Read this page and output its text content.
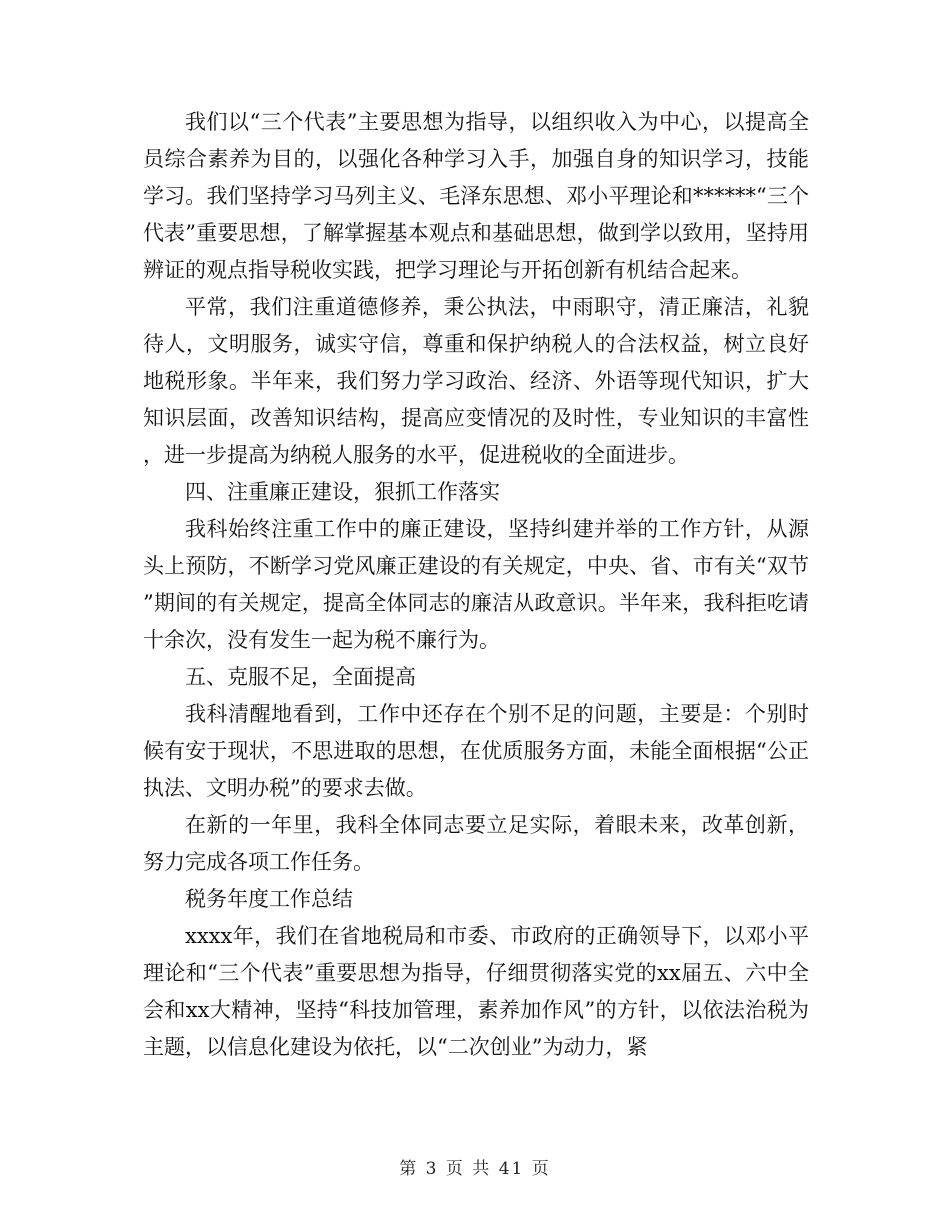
我们以“三个代表”主要思想为指导，以组织收入为中心，以提高全员综合素养为目的，以强化各种学习入手，加强自身的知识学习，技能学习。我们坚持学习马列主义、毛泽东思想、邓小平理论和******“三个代表”重要思想，了解掌握基本观点和基础思想，做到学以致用，坚持用辨证的观点指导税收实践，把学习理论与开拓创新有机结合起来。

平常，我们注重道德修养，秉公执法，中雨职守，清正廉洁，礼貌待人，文明服务，诚实守信，尊重和保护纳税人的合法权益，树立良好地税形象。半年来，我们努力学习政治、经济、外语等现代知识，扩大知识层面，改善知识结构，提高应变情况的及时性，专业知识的丰富性，进一步提高为纳税人服务的水平，促进税收的全面进步。

四、注重廉正建设，狠抓工作落实

我科始终注重工作中的廉正建设，坚持纠建并举的工作方针，从源头上预防，不断学习党风廉正建设的有关规定，中央、省、市有关“双节”期间的有关规定，提高全体同志的廉洁从政意识。半年来，我科拒吃请十余次，没有发生一起为税不廉行为。

五、克服不足，全面提高

我科清醒地看到，工作中还存在个别不足的问题，主要是：个别时候有安于现状，不思进取的思想，在优质服务方面，未能全面根据“公正执法、文明办税”的要求去做。

在新的一年里，我科全体同志要立足实际，着眼未来，改革创新，努力完成各项工作任务。

税务年度工作总结

xxxx年，我们在省地税局和市委、市政府的正确领导下，以邓小平理论和“三个代表”重要思想为指导，仔细贯彻落实党的xx届五、六中全会和xx大精神，坚持“科技加管理，素养加作风”的方针，以依法治税为主题，以信息化建设为依托，以“二次创业”为动力，紧

第 3 页 共 41 页
